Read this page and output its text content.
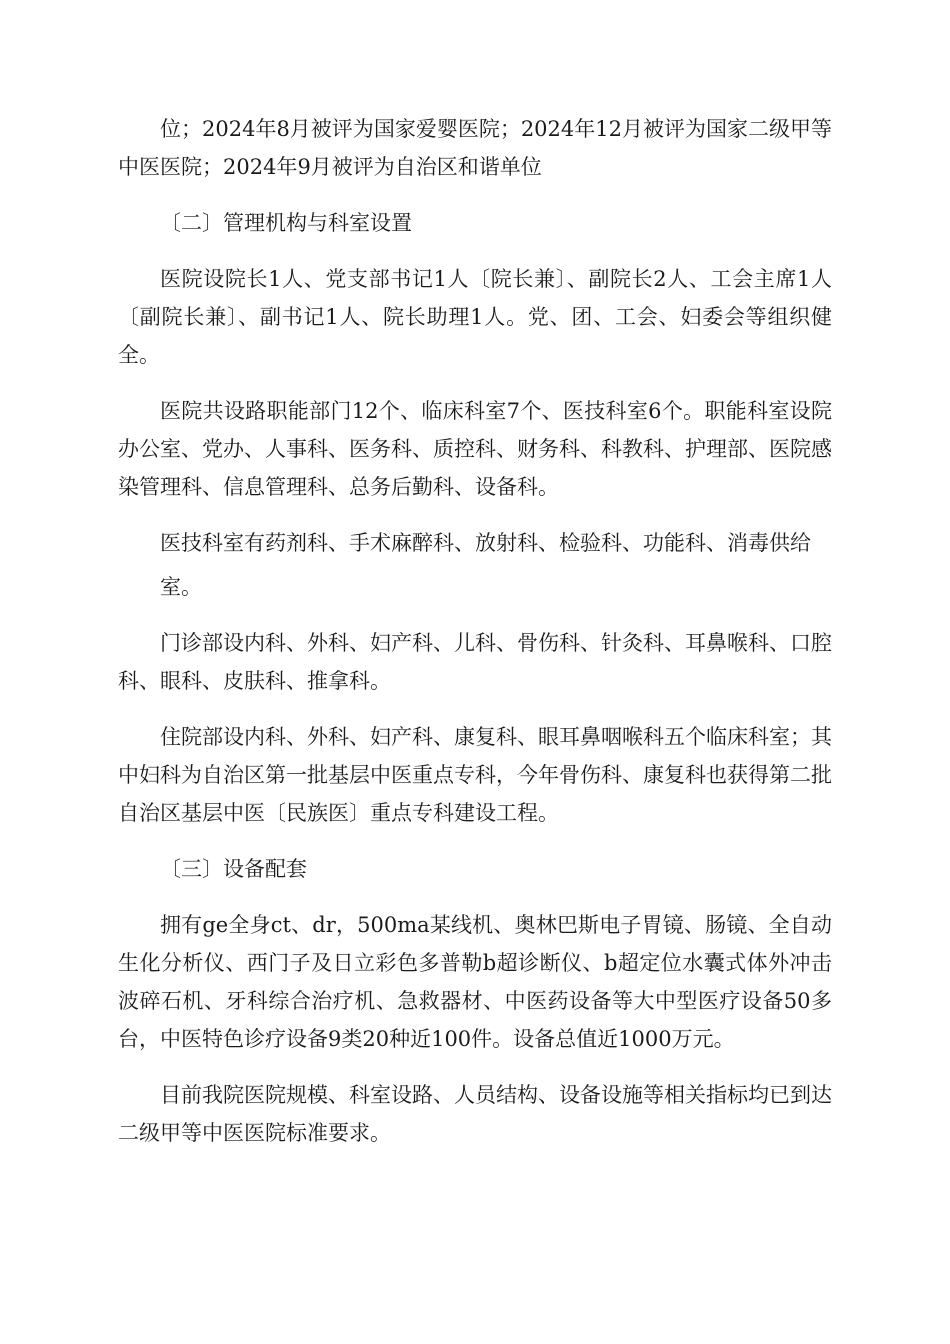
位；2024年8月被评为国家爱婴医院；2024年12月被评为国家二级甲等中医医院；2024年9月被评为自治区和谐单位

〔二〕管理机构与科室设置

医院设院长1人、党支部书记1人〔院长兼〕、副院长2人、工会主席1人〔副院长兼〕、副书记1人、院长助理1人。党、团、工会、妇委会等组织健全。

医院共设路职能部门12个、临床科室7个、医技科室6个。职能科室设院办公室、党办、人事科、医务科、质控科、财务科、科教科、护理部、医院感染管理科、信息管理科、总务后勤科、设备科。

医技科室有药剂科、手术麻醉科、放射科、检验科、功能科、消毒供给

室。

门诊部设内科、外科、妇产科、儿科、骨伤科、针灸科、耳鼻喉科、口腔科、眼科、皮肤科、推拿科。

住院部设内科、外科、妇产科、康复科、眼耳鼻咽喉科五个临床科室；其中妇科为自治区第一批基层中医重点专科，今年骨伤科、康复科也获得第二批自治区基层中医〔民族医〕重点专科建设工程。

〔三〕设备配套

拥有ge全身ct、dr，500ma某线机、奥林巴斯电子胃镜、肠镜、全自动生化分析仪、西门子及日立彩色多普勒b超诊断仪、b超定位水囊式体外冲击波碎石机、牙科综合治疗机、急救器材、中医药设备等大中型医疗设备50多台，中医特色诊疗设备9类20种近100件。设备总值近1000万元。

目前我院医院规模、科室设路、人员结构、设备设施等相关指标均已到达二级甲等中医医院标准要求。
